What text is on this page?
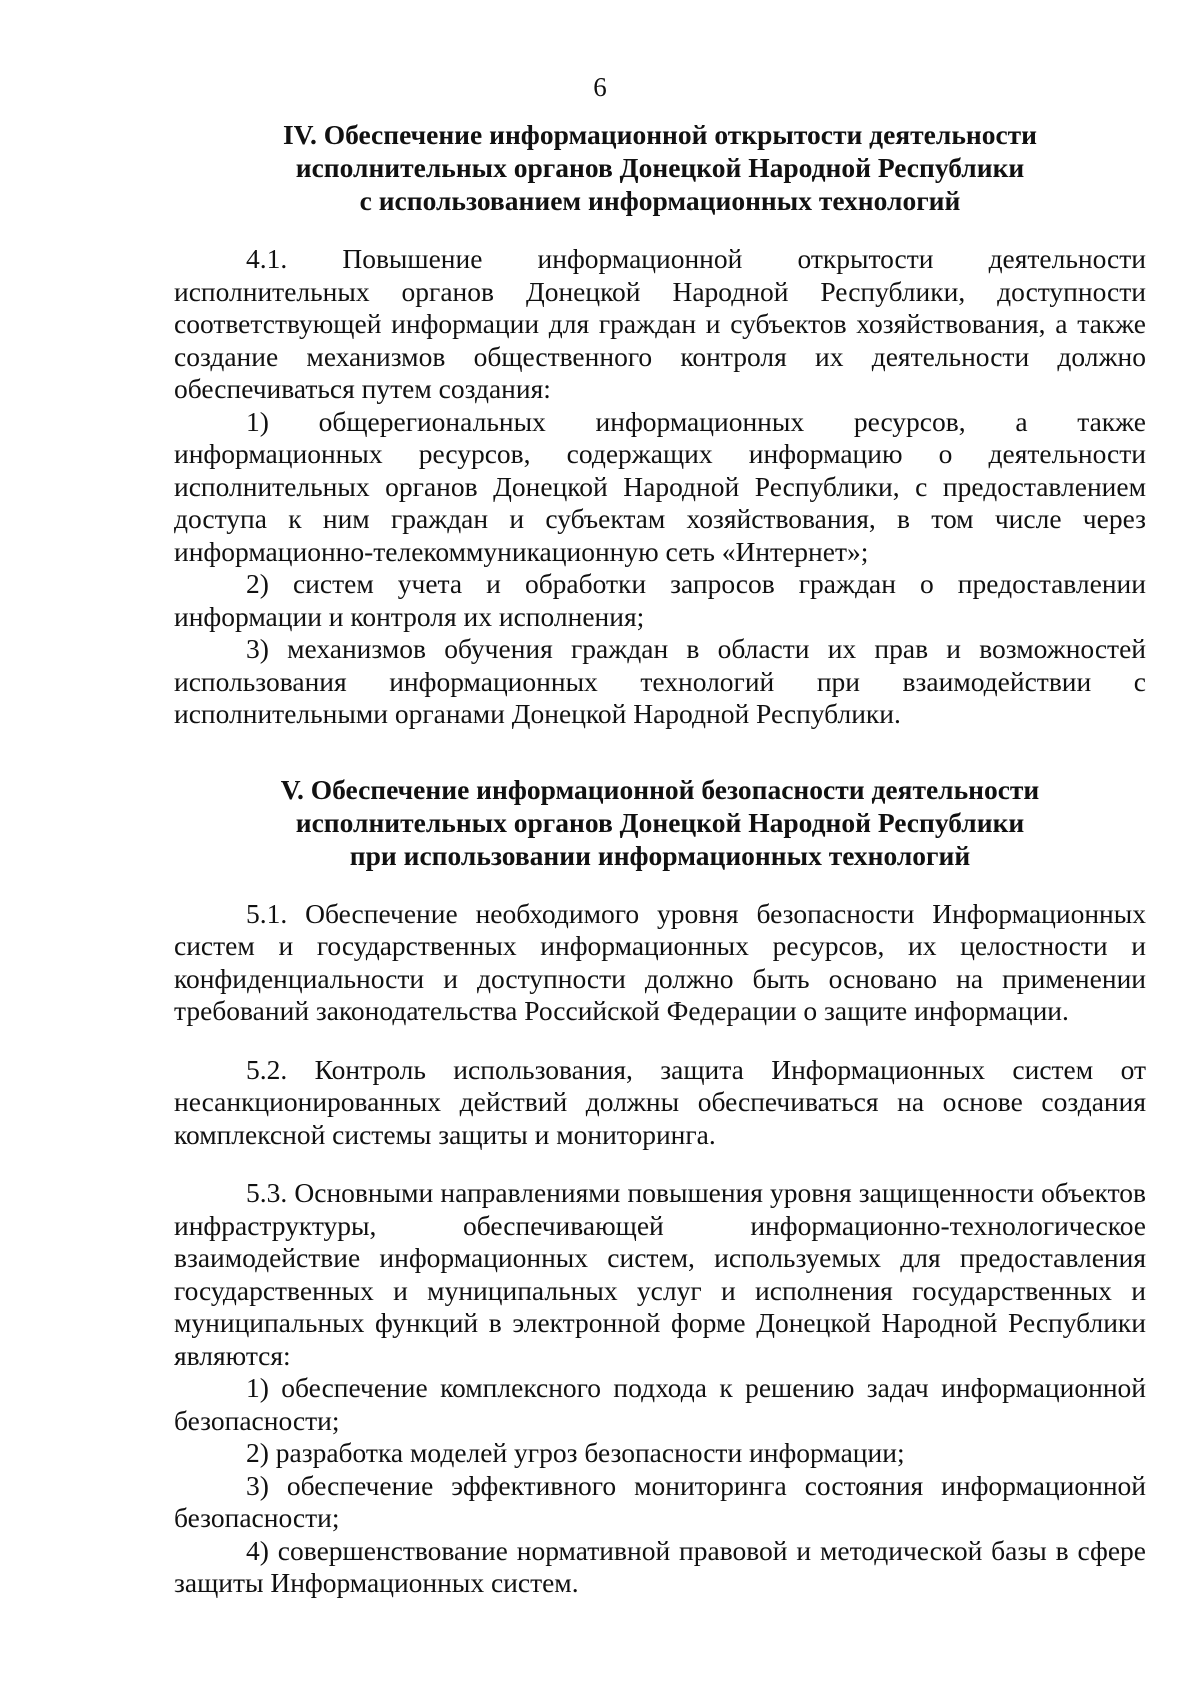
6
IV. Обеспечение информационной открытости деятельности
исполнительных органов Донецкой Народной Республики
с использованием информационных технологий

4.1. Повышение информационной открытости деятельности исполнительных органов Донецкой Народной Республики, доступности соответствующей информации для граждан и субъектов хозяйствования, а также создание механизмов общественного контроля их деятельности должно обеспечиваться путем создания:

1) общерегиональных информационных ресурсов, а также информационных ресурсов, содержащих информацию о деятельности исполнительных органов Донецкой Народной Республики, с предоставлением доступа к ним граждан и субъектам хозяйствования, в том числе через информационно-телекоммуникационную сеть «Интернет»;

2) систем учета и обработки запросов граждан о предоставлении информации и контроля их исполнения;

3) механизмов обучения граждан в области их прав и возможностей использования информационных технологий при взаимодействии с исполнительными органами Донецкой Народной Республики.

V. Обеспечение информационной безопасности деятельности
исполнительных органов Донецкой Народной Республики
при использовании информационных технологий

5.1. Обеспечение необходимого уровня безопасности Информационных систем и государственных информационных ресурсов, их целостности и конфиденциальности и доступности должно быть основано на применении требований законодательства Российской Федерации о защите информации.

5.2. Контроль использования, защита Информационных систем от несанкционированных действий должны обеспечиваться на основе создания комплексной системы защиты и мониторинга.

5.3. Основными направлениями повышения уровня защищенности объектов инфраструктуры, обеспечивающей информационно-технологическое взаимодействие информационных систем, используемых для предоставления государственных и муниципальных услуг и исполнения государственных и муниципальных функций в электронной форме Донецкой Народной Республики являются:

1) обеспечение комплексного подхода к решению задач информационной безопасности;

2) разработка моделей угроз безопасности информации;

3) обеспечение эффективного мониторинга состояния информационной безопасности;

4) совершенствование нормативной правовой и методической базы в сфере защиты Информационных систем.
